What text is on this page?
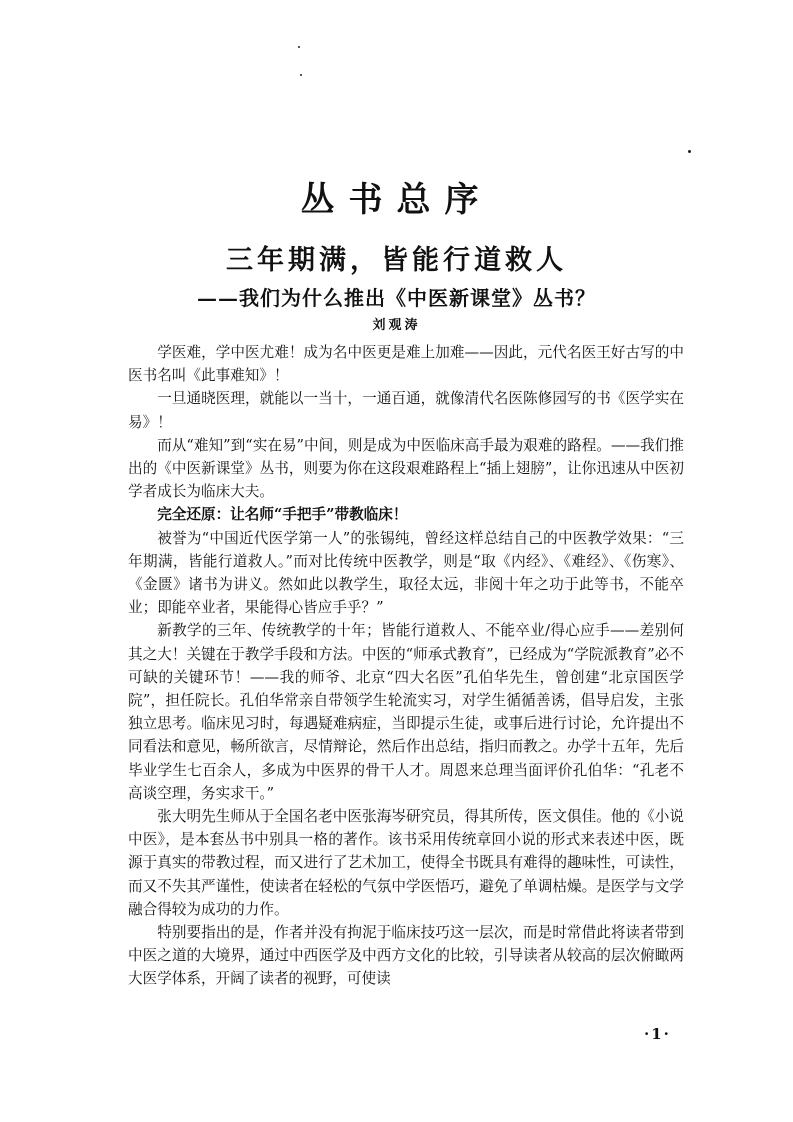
丛书总序
三年期满，皆能行道救人
——我们为什么推出《中医新课堂》丛书？
刘观涛

学医难，学中医尤难！成为名中医更是难上加难——因此，元代名医王好古写的中医书名叫《此事难知》！

一旦通晓医理，就能以一当十，一通百通，就像清代名医陈修园写的书《医学实在易》！

而从“难知”到“实在易”中间，则是成为中医临床高手最为艰难的路程。——我们推出的《中医新课堂》丛书，则要为你在这段艰难路程上“插上翅膀”，让你迅速从中医初学者成长为临床大夫。

完全还原：让名师“手把手”带教临床！

被誉为“中国近代医学第一人”的张锡纯，曾经这样总结自己的中医教学效果：“三年期满，皆能行道救人。”而对比传统中医教学，则是“取《内经》、《难经》、《伤寒》、《金匮》诸书为讲义。然如此以教学生，取径太远，非阅十年之功于此等书，不能卒业；即能卒业者，果能得心皆应手乎？”

新教学的三年、传统教学的十年；皆能行道救人、不能卒业/得心应手——差别何其之大！关键在于教学手段和方法。中医的“师承式教育”，已经成为“学院派教育”必不可缺的关键环节！——我的师爷、北京“四大名医”孔伯华先生，曾创建“北京国医学院”，担任院长。孔伯华常亲自带领学生轮流实习，对学生循循善诱，倡导启发，主张独立思考。临床见习时，每遇疑难病症，当即提示生徒，或事后进行讨论，允许提出不同看法和意见，畅所欲言，尽情辩论，然后作出总结，指归而教之。办学十五年，先后毕业学生七百余人，多成为中医界的骨干人才。周恩来总理当面评价孔伯华：“孔老不高谈空理，务实求干。”

张大明先生师从于全国名老中医张海岑研究员，得其所传，医文俱佳。他的《小说中医》，是本套丛书中别具一格的著作。该书采用传统章回小说的形式来表述中医，既源于真实的带教过程，而又进行了艺术加工，使得全书既具有难得的趣味性，可读性，而又不失其严谨性，使读者在轻松的气氛中学医悟巧，避免了单调枯燥。是医学与文学融合得较为成功的力作。

特别要指出的是，作者并没有拘泥于临床技巧这一层次，而是时常借此将读者带到中医之道的大境界，通过中西医学及中西方文化的比较，引导读者从较高的层次俯瞰两大医学体系，开阔了读者的视野，可使读

·1·
